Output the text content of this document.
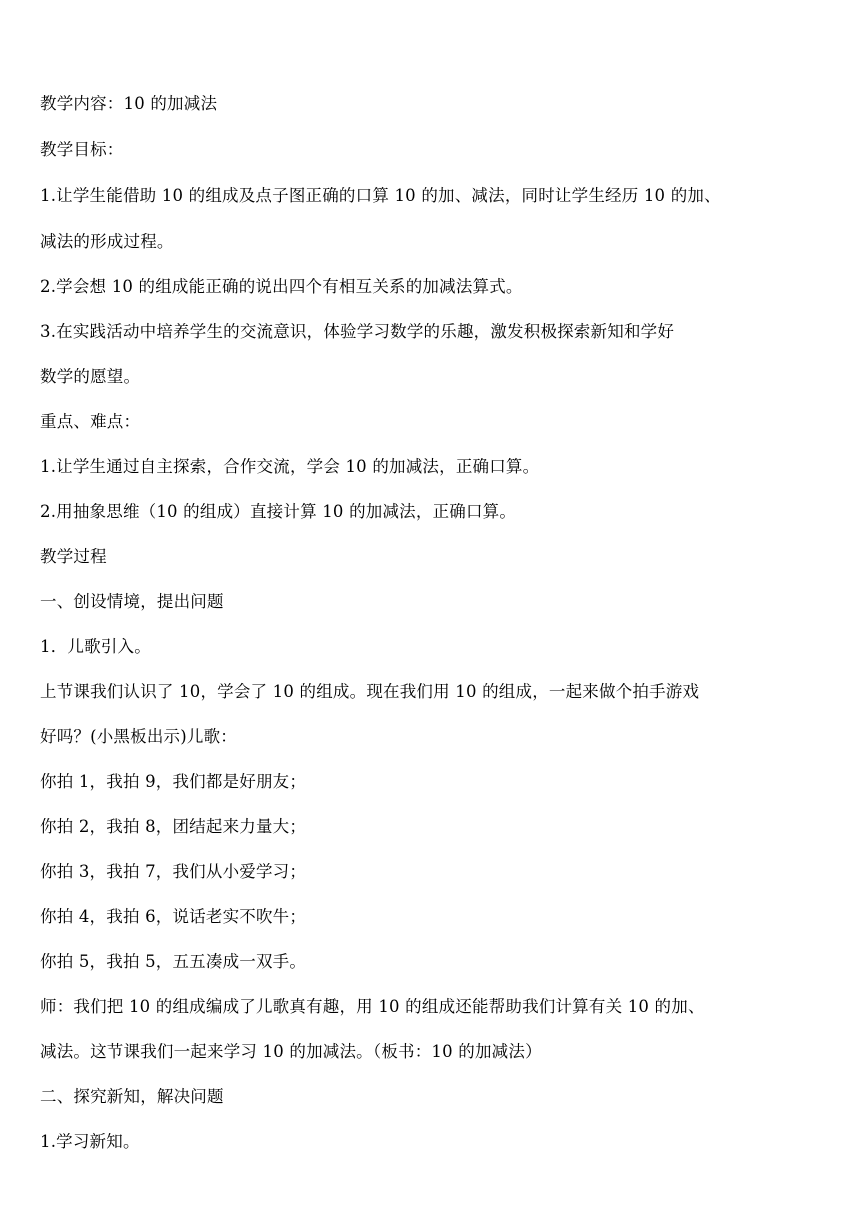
教学内容：10 的加减法
教学目标：
1.让学生能借助 10 的组成及点子图正确的口算 10 的加、减法，同时让学生经历 10 的加、
减法的形成过程。
2.学会想 10 的组成能正确的说出四个有相互关系的加减法算式。
3.在实践活动中培养学生的交流意识，体验学习数学的乐趣，激发积极探索新知和学好
数学的愿望。
重点、难点：
1.让学生通过自主探索，合作交流，学会 10 的加减法，正确口算。
2.用抽象思维（10 的组成）直接计算 10 的加减法，正确口算。
教学过程
一、创设情境，提出问题
1．儿歌引入。
上节课我们认识了 10，学会了 10 的组成。现在我们用 10 的组成，一起来做个拍手游戏
好吗？(小黑板出示)儿歌：
你拍 1，我拍 9，我们都是好朋友；
你拍 2，我拍 8，团结起来力量大；
你拍 3，我拍 7，我们从小爱学习；
你拍 4，我拍 6，说话老实不吹牛；
你拍 5，我拍 5，五五凑成一双手。
师：我们把 10 的组成编成了儿歌真有趣，用 10 的组成还能帮助我们计算有关 10 的加、
减法。这节课我们一起来学习 10 的加减法。（板书：10 的加减法）
二、探究新知，解决问题
1.学习新知。
